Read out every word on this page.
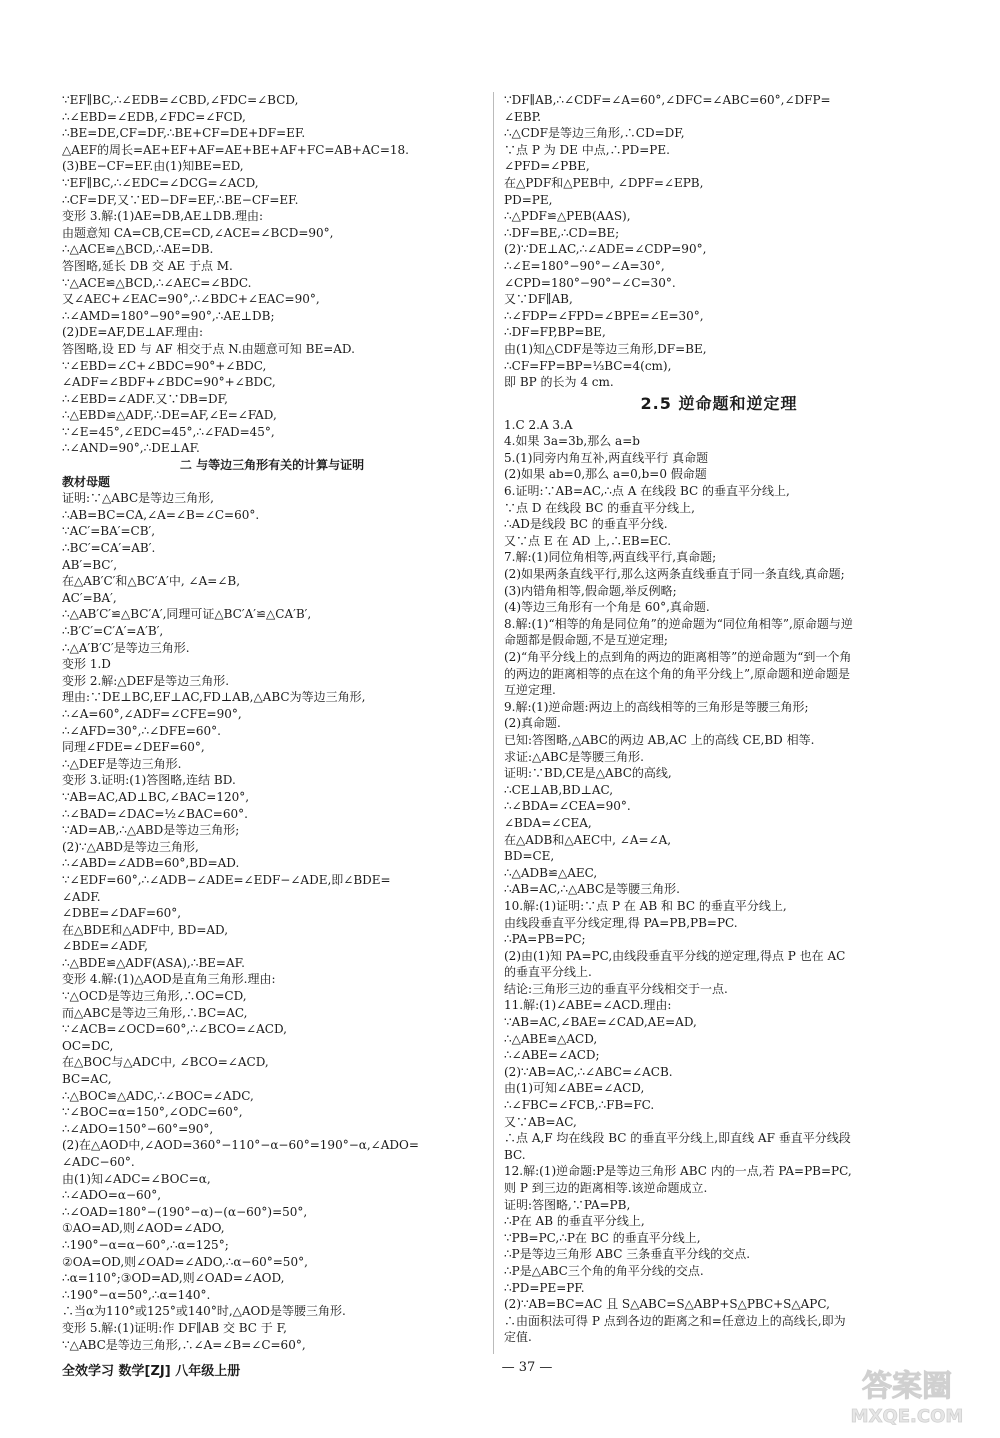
∵EF∥BC,∴∠EDB=∠CBD,∠FDC=∠BCD,
∴∠EBD=∠EDB,∠FDC=∠FCD,
∴BE=DE,CF=DF,∴BE+CF=DE+DF=EF.
△AEF的周长=AE+EF+AF=AE+BE+AF+FC=AB+AC=18.
(3)BE−CF=EF.由(1)知BE=ED,
∵EF∥BC,∴∠EDC=∠DCG=∠ACD,
∴CF=DF,又∵ED−DF=EF,∴BE−CF=EF.
变形 3.解:(1)AE=DB,AE⊥DB.理由:
由题意知 CA=CB,CE=CD,∠ACE=∠BCD=90°,
∴△ACE≌△BCD,∴AE=DB.
答图略,延长 DB 交 AE 于点 M.
∵△ACE≌△BCD,∴∠AEC=∠BDC.
又∠AEC+∠EAC=90°,∴∠BDC+∠EAC=90°,
∴∠AMD=180°−90°=90°,∴AE⊥DB;
(2)DE=AF,DE⊥AF.理由:
答图略,设 ED 与 AF 相交于点 N.由题意可知 BE=AD.
∵∠EBD=∠C+∠BDC=90°+∠BDC,
∠ADF=∠BDF+∠BDC=90°+∠BDC,
∴∠EBD=∠ADF.又∵DB=DF,
∴△EBD≌△ADF,∴DE=AF,∠E=∠FAD,
∵∠E=45°,∠EDC=45°,∴∠FAD=45°,
∴∠AND=90°,∴DE⊥AF.
二 与等边三角形有关的计算与证明
教材母题
证明:∵△ABC是等边三角形,
∴AB=BC=CA,∠A=∠B=∠C=60°.
∵AC′=BA′=CB′,
∴BC′=CA′=AB′.
AB′=BC′,
在△AB′C′和△BC′A′中, ∠A=∠B,
AC′=BA′,
∴△AB′C′≌△BC′A′,同理可证△BC′A′≌△CA′B′,
∴B′C′=C′A′=A′B′,
∴△A′B′C′是等边三角形.
变形 1.D
变形 2.解:△DEF是等边三角形.
理由:∵DE⊥BC,EF⊥AC,FD⊥AB,△ABC为等边三角形,
∴∠A=60°,∠ADF=∠CFE=90°,
∴∠AFD=30°,∴∠DFE=60°.
同理∠FDE=∠DEF=60°,
∴△DEF是等边三角形.
变形 3.证明:(1)答图略,连结 BD.
∵AB=AC,AD⊥BC,∠BAC=120°,
∴∠BAD=∠DAC=½∠BAC=60°.
∵AD=AB,∴△ABD是等边三角形;
(2)∵△ABD是等边三角形,
∴∠ABD=∠ADB=60°,BD=AD.
∵∠EDF=60°,∴∠ADB−∠ADE=∠EDF−∠ADE,即∠BDE=
∠ADF.
∠DBE=∠DAF=60°,
在△BDE和△ADF中, BD=AD,
∠BDE=∠ADF,
∴△BDE≌△ADF(ASA),∴BE=AF.
变形 4.解:(1)△AOD是直角三角形.理由:
∵△OCD是等边三角形,∴OC=CD,
而△ABC是等边三角形,∴BC=AC,
∵∠ACB=∠OCD=60°,∴∠BCO=∠ACD,
OC=DC,
在△BOC与△ADC中, ∠BCO=∠ACD,
BC=AC,
∴△BOC≌△ADC,∴∠BOC=∠ADC,
∵∠BOC=α=150°,∠ODC=60°,
∴∠ADO=150°−60°=90°,
(2)在△AOD中,∠AOD=360°−110°−α−60°=190°−α,∠ADO=
∠ADC−60°.
由(1)知∠ADC=∠BOC=α,
∴∠ADO=α−60°,
∴∠OAD=180°−(190°−α)−(α−60°)=50°,
①AO=AD,则∠AOD=∠ADO,
∴190°−α=α−60°,∴α=125°;
②OA=OD,则∠OAD=∠ADO,∴α−60°=50°,
∴α=110°;③OD=AD,则∠OAD=∠AOD,
∴190°−α=50°,∴α=140°.
∴当α为110°或125°或140°时,△AOD是等腰三角形.
变形 5.解:(1)证明:作 DF∥AB 交 BC 于 F,
∵△ABC是等边三角形,∴∠A=∠B=∠C=60°,
∵DF∥AB,∴∠CDF=∠A=60°,∠DFC=∠ABC=60°,∠DFP=
∠EBP.
∴△CDF是等边三角形,∴CD=DF,
∵点 P 为 DE 中点,∴PD=PE.
∠PFD=∠PBE,
在△PDF和△PEB中, ∠DPF=∠EPB,
PD=PE,
∴△PDF≌△PEB(AAS),
∴DF=BE,∴CD=BE;
(2)∵DE⊥AC,∴∠ADE=∠CDP=90°,
∴∠E=180°−90°−∠A=30°,
∠CPD=180°−90°−∠C=30°.
又∵DF∥AB,
∴∠FDP=∠FPD=∠BPE=∠E=30°,
∴DF=FP,BP=BE,
由(1)知△CDF是等边三角形,DF=BE,
∴CF=FP=BP=⅓BC=4(cm),
即 BP 的长为 4 cm.
2.5 逆命题和逆定理
1.C 2.A 3.A
4.如果 3a=3b,那么 a=b
5.(1)同旁内角互补,两直线平行 真命题
(2)如果 ab=0,那么 a=0,b=0 假命题
6.证明:∵AB=AC,∴点 A 在线段 BC 的垂直平分线上,
∵点 D 在线段 BC 的垂直平分线上,
∴AD是线段 BC 的垂直平分线.
又∵点 E 在 AD 上,∴EB=EC.
7.解:(1)同位角相等,两直线平行,真命题;
(2)如果两条直线平行,那么这两条直线垂直于同一条直线,真命题;
(3)内错角相等,假命题,举反例略;
(4)等边三角形有一个角是 60°,真命题.
8.解:(1)“相等的角是同位角”的逆命题为“同位角相等”,原命题与逆
命题都是假命题,不是互逆定理;
(2)“角平分线上的点到角的两边的距离相等”的逆命题为“到一个角
的两边的距离相等的点在这个角的角平分线上”,原命题和逆命题是
互逆定理.
9.解:(1)逆命题:两边上的高线相等的三角形是等腰三角形;
(2)真命题.
已知:答图略,△ABC的两边 AB,AC 上的高线 CE,BD 相等.
求证:△ABC是等腰三角形.
证明:∵BD,CE是△ABC的高线,
∴CE⊥AB,BD⊥AC,
∴∠BDA=∠CEA=90°.
∠BDA=∠CEA,
在△ADB和△AEC中, ∠A=∠A,
BD=CE,
∴△ADB≌△AEC,
∴AB=AC,∴△ABC是等腰三角形.
10.解:(1)证明:∵点 P 在 AB 和 BC 的垂直平分线上,
由线段垂直平分线定理,得 PA=PB,PB=PC.
∴PA=PB=PC;
(2)由(1)知 PA=PC,由线段垂直平分线的逆定理,得点 P 也在 AC
的垂直平分线上.
结论:三角形三边的垂直平分线相交于一点.
11.解:(1)∠ABE=∠ACD.理由:
∵AB=AC,∠BAE=∠CAD,AE=AD,
∴△ABE≌△ACD,
∴∠ABE=∠ACD;
(2)∵AB=AC,∴∠ABC=∠ACB.
由(1)可知∠ABE=∠ACD,
∴∠FBC=∠FCB,∴FB=FC.
又∵AB=AC,
∴点 A,F 均在线段 BC 的垂直平分线上,即直线 AF 垂直平分线段
BC.
12.解:(1)逆命题:P是等边三角形 ABC 内的一点,若 PA=PB=PC,
则 P 到三边的距离相等.该逆命题成立.
证明:答图略,∵PA=PB,
∴P在 AB 的垂直平分线上,
∵PB=PC,∴P在 BC 的垂直平分线上,
∴P是等边三角形 ABC 三条垂直平分线的交点.
∴P是△ABC三个角的角平分线的交点.
∴PD=PE=PF.
(2)∵AB=BC=AC 且 S△ABC=S△ABP+S△PBC+S△APC,
∴由面积法可得 P 点到各边的距离之和=任意边上的高线长,即为
定值.
全效学习 数学[ZJ] 八年级上册	— 37 —
答案圈
MXQE.COM
